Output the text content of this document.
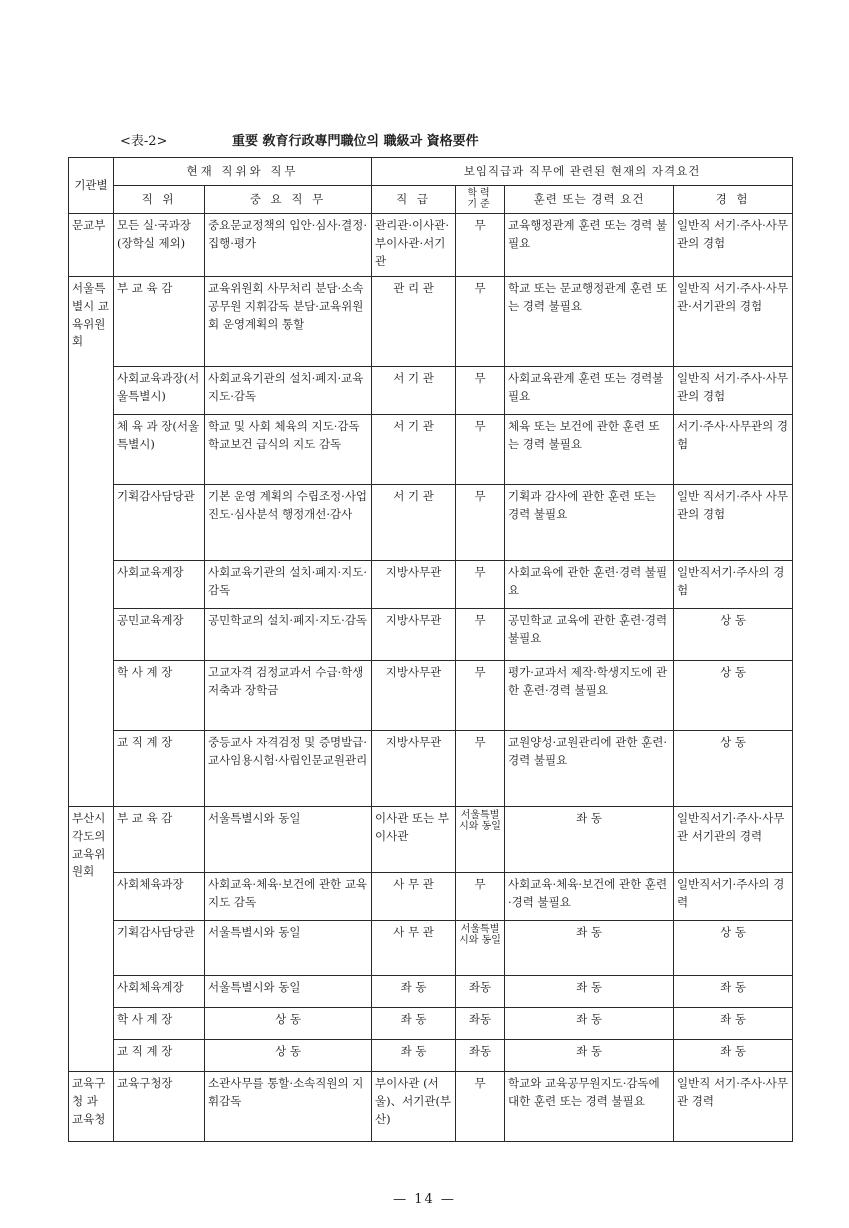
<表-2>	重要 敎育行政專門職位의 職級과 資格要件
기관별	현재 직위와 직무		보임직급과 직무에 관련된 현재의 자격요건			
	직 위	중 요 직 무	직 급	학력 기준	훈련 또는 경력 요건	경 험
문교부	모든 실·국과장(장학실 제외)	중요문교정책의 입안·심사·결정·집행·평가	관리관·이사관·부이사관·서기관	무	교육행정관계 훈련 또는 경력 불필요	일반직 서기·주사·사무관의 경험
서울특별시 교육위원회	부 교 육 감	교육위원회 사무처리 분담·소속공무원 지휘감독 분담·교육위원회 운영계획의 통할	관 리 관	무	학교 또는 문교행정관계 훈련 또는 경력 불필요	일반직 서기·주사·사무관·서기관의 경험
	사회교육과장(서울특별시)	사회교육기관의 설치·폐지·교육지도·감독	서 기 관	무	사회교육관계 훈련 또는 경력불필요	일반직 서기·주사·사무관의 경험
	체 육 과 장(서울특별시)	학교 및 사회 체육의 지도·감독 학교보건 급식의 지도 감독	서 기 관	무	체육 또는 보건에 관한 훈련 또는 경력 불필요	서기·주사·사무관의 경험
	기획감사담당관	기본 운영 계획의 수립조정·사업진도·심사분석 행정개선·감사	서 기 관	무	기획과 감사에 관한 훈련 또는 경력 불필요	일반 직서기·주사 사무관의 경험
	사회교육계장	사회교육기관의 설치·폐지·지도·감독	지방사무관	무	사회교육에 관한 훈련·경력 불필요	일반직서기·주사의 경험
	공민교육계장	공민학교의 설치·폐지·지도·감독	지방사무관	무	공민학교 교육에 관한 훈련·경력 불필요	상 동
	학 사 계 장	고교자격 검정교과서 수급·학생저축과 장학금	지방사무관	무	평가·교과서 제작·학생지도에 관한 훈련·경력 불필요	상 동
	교 직 계 장	중등교사 자격검정 및 증명발급·교사임용시험·사립인문교원관리	지방사무관	무	교원양성·교원관리에 관한 훈련·경력 불필요	상 동
부산시 각도의 교육위원회	부 교 육 감	서울특별시와 동일	이사관 또는 부이사관	서울특별시와 동일	좌 동	일반직서기·주사·사무관 서기관의 경력
	사회체육과장	사회교육·체육·보건에 관한 교육지도 감독	사 무 관	무	사회교육·체육·보건에 관한 훈련·경력 불필요	일반직서기·주사의 경력
	기획감사담당관	서울특별시와 동일	사 무 관	서울특별시와 동일	좌 동	상 동
	사회체육계장	서울특별시와 동일	좌 동	좌동	좌 동	좌 동
	학 사 계 장	상 동	좌 동	좌동	좌 동	좌 동
	교 직 계 장	상 동	좌 동	좌동	좌 동	좌 동
교육구청 과 교육청	교육구청장	소관사무를 통할·소속직원의 지휘감독	부이사관 (서울)、서기관(부산)	무	학교와 교육공무원지도·감독에 대한 훈련 또는 경력 불필요	일반직 서기·주사·사무관 경력
— 14 —
